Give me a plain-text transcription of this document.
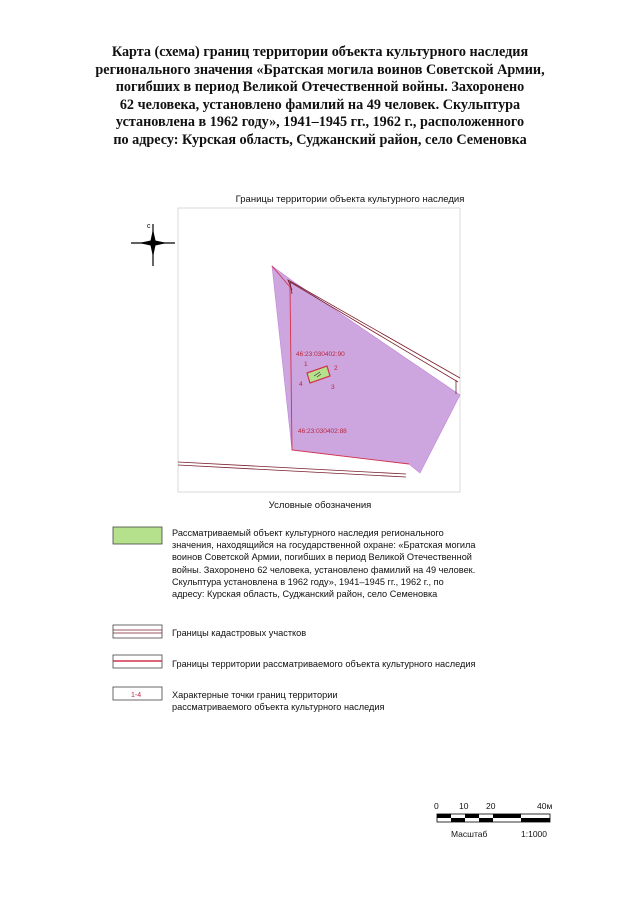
Карта (схема) границ территории объекта культурного наследия
регионального значения «Братская могила воинов Советской Армии,
погибших в период Великой Отечественной войны. Захоронено
62 человека, установлено фамилий на 49 человек. Скульптура
установлена в 1962 году», 1941–1945 гг., 1962 г., расположенного
по адресу: Курская область, Суджанский район, село Семеновка
Границы территории объекта культурного наследия
с
46:23:030402:90
46:23:030402:88
1
2
3
4
1-4
Условные обозначения
Рассматриваемый объект культурного наследия регионального
значения, находящийся на государственной охране: «Братская могила
воинов Советской Армии, погибших в период Великой Отечественной
войны. Захоронено 62 человека, установлено фамилий на 49 человек.
Скульптура установлена в 1962 году», 1941–1945 гг., 1962 г., по
адресу: Курская область, Суджанский район, село Семеновка
Границы кадастровых участков
Границы территории рассматриваемого объекта культурного наследия
Характерные точки границ территории
рассматриваемого объекта культурного наследия
0 10 20	40м
Масштаб	1:1000
